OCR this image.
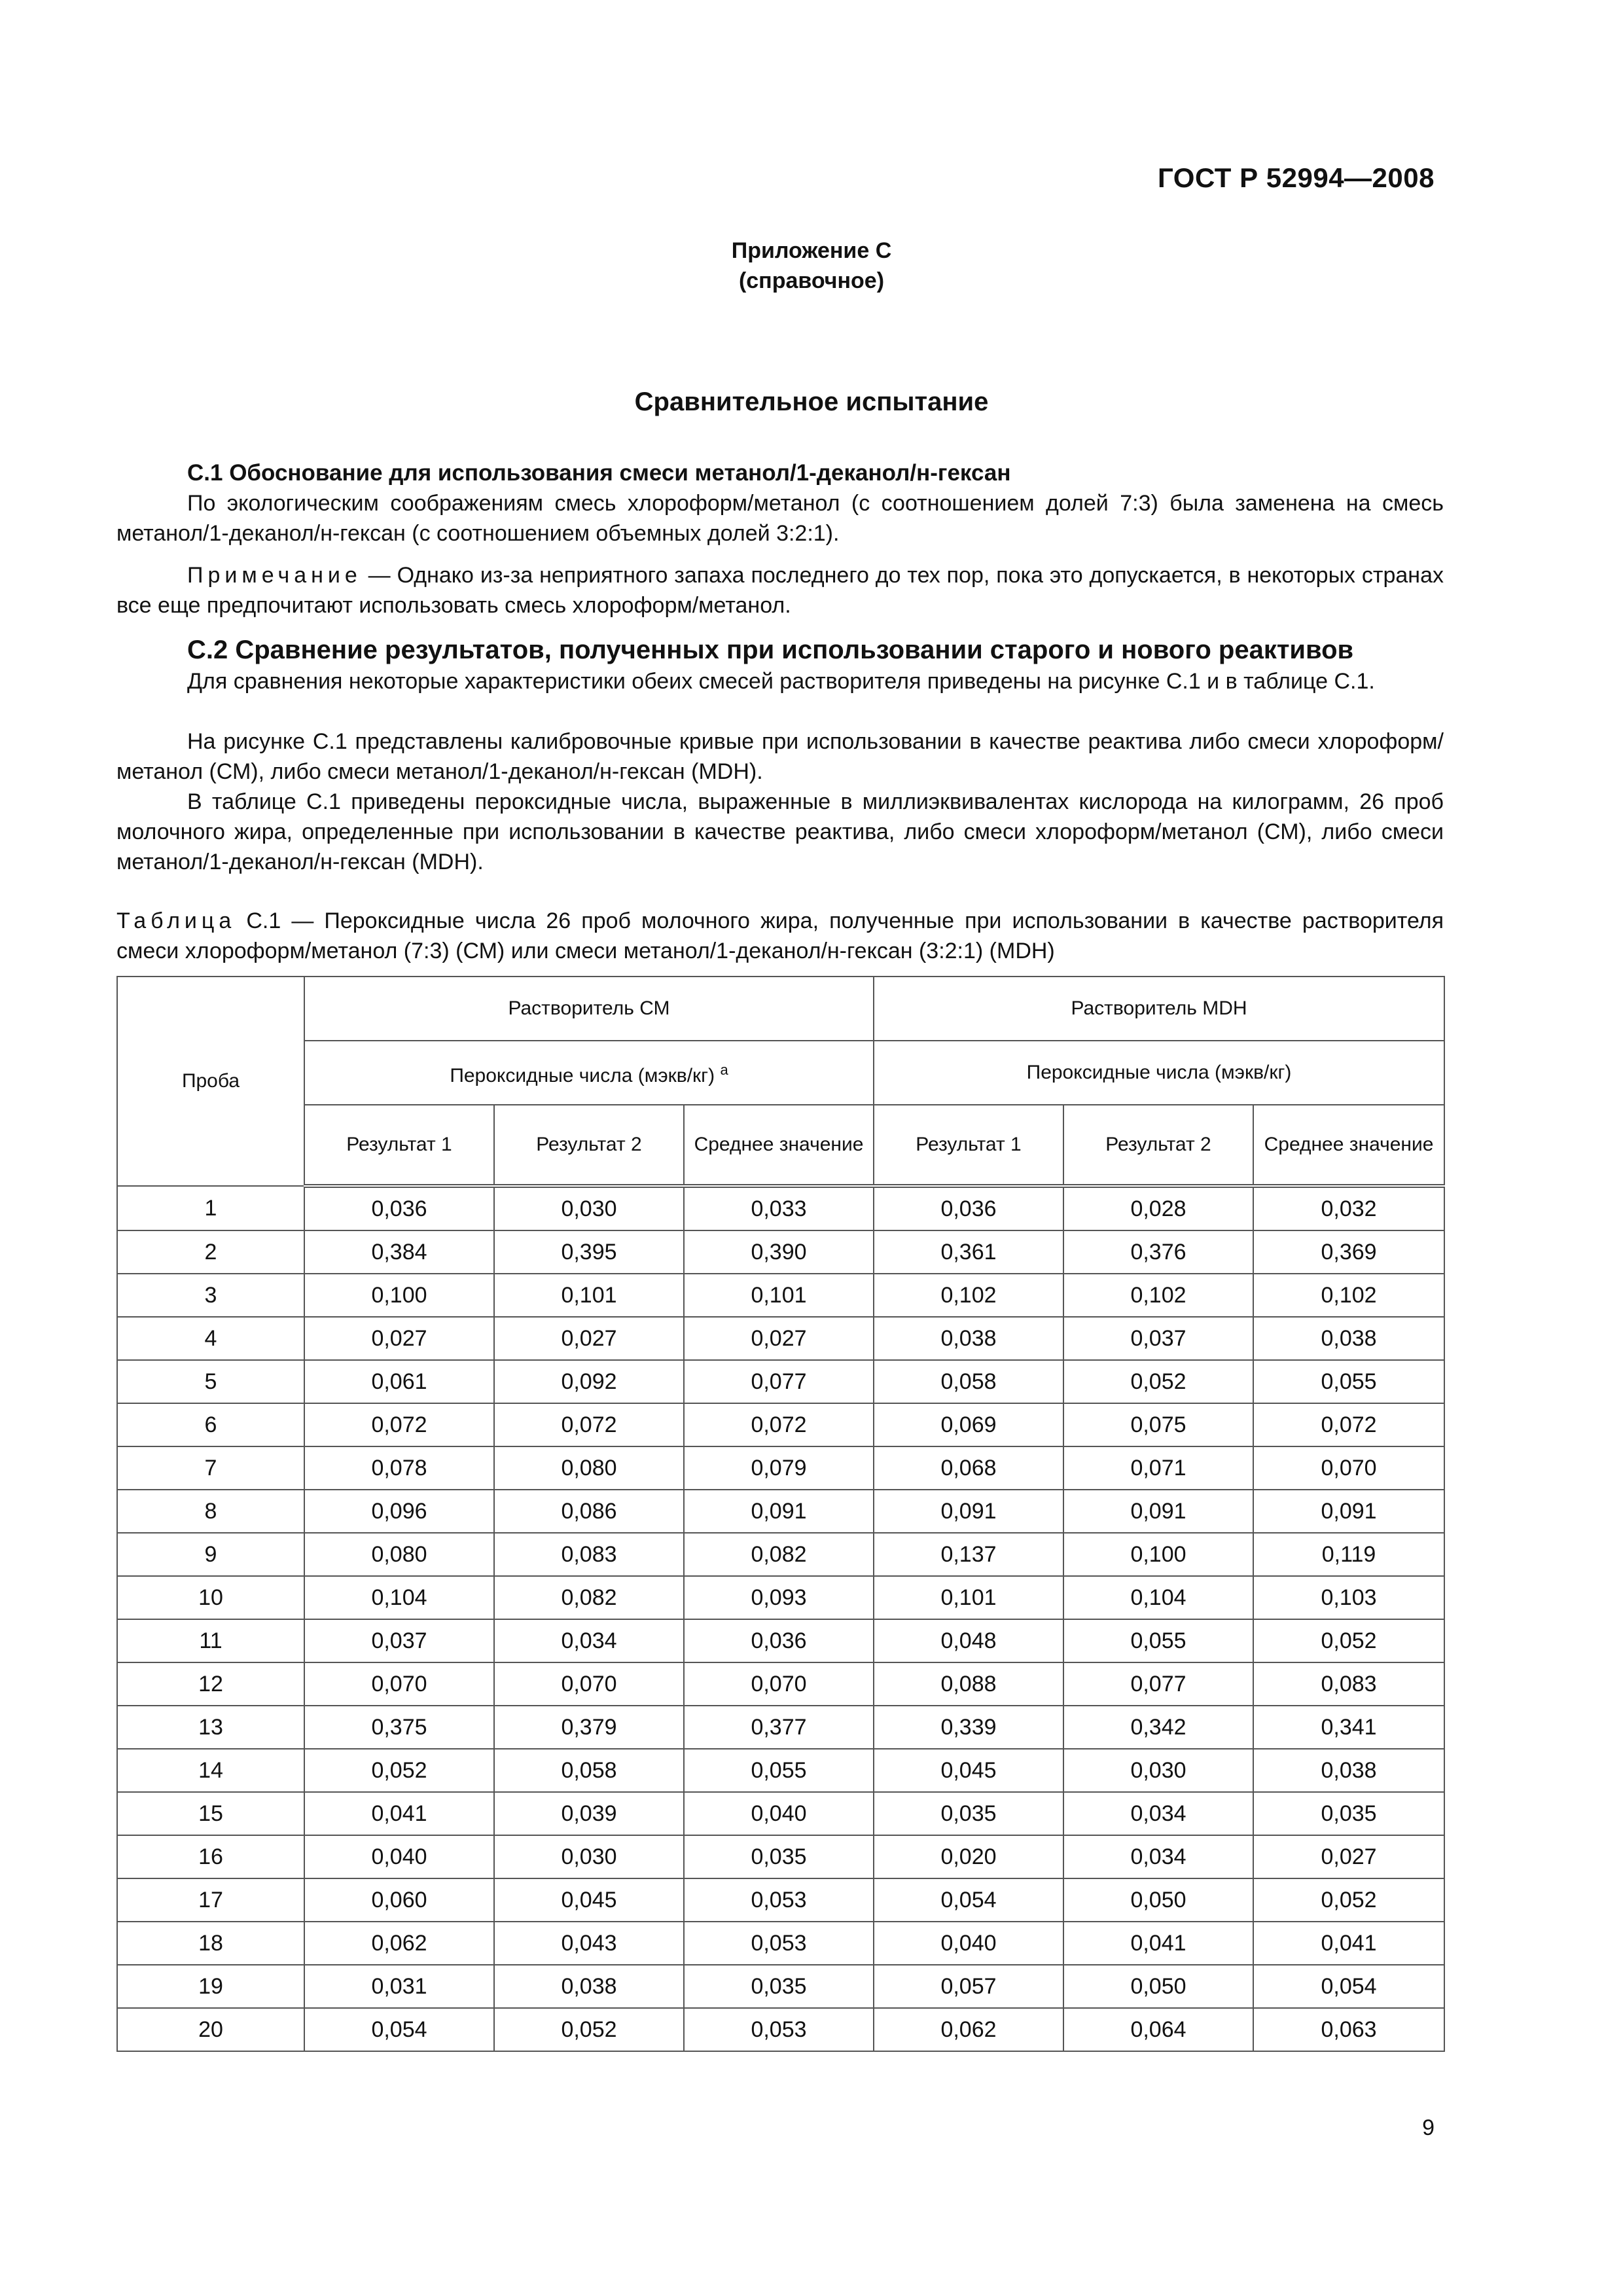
ГОСТ Р 52994—2008
Приложение С
(справочное)
Сравнительное испытание
С.1 Обоснование для использования смеси метанол/1-деканол/н-гексан
По экологическим соображениям смесь хлороформ/метанол (с соотношением долей 7:3) была заменена на смесь метанол/1-деканол/н-гексан (с соотношением объемных долей 3:2:1).
Примечание — Однако из-за неприятного запаха последнего до тех пор, пока это допускается, в некоторых странах все еще предпочитают использовать смесь хлороформ/метанол.
С.2 Сравнение результатов, полученных при использовании старого и нового реактивов
Для сравнения некоторые характеристики обеих смесей растворителя приведены на рисунке С.1 и в таблице С.1.
На рисунке С.1 представлены калибровочные кривые при использовании в качестве реактива либо смеси хлороформ/метанол (СМ), либо смеси метанол/1-деканол/н-гексан (MDH).
В таблице С.1 приведены пероксидные числа, выраженные в миллиэквивалентах кислорода на килограмм, 26 проб молочного жира, определенные при использовании в качестве реактива, либо смеси хлороформ/метанол (СМ), либо смеси метанол/1-деканол/н-гексан (MDH).
Таблица С.1 — Пероксидные числа 26 проб молочного жира, полученные при использовании в качестве растворителя смеси хлороформ/метанол (7:3) (СМ) или смеси метанол/1-деканол/н-гексан (3:2:1) (MDH)
Проба	Растворитель СМ			Растворитель MDH		
	Пероксидные числа (мэкв/кг) $^а$			Пероксидные числа (мэкв/кг)		
	Результат 1	Результат 2	Среднее значение	Результат 1	Результат 2	Среднее значение
1	0,036	0,030	0,033	0,036	0,028	0,032
2	0,384	0,395	0,390	0,361	0,376	0,369
3	0,100	0,101	0,101	0,102	0,102	0,102
4	0,027	0,027	0,027	0,038	0,037	0,038
5	0,061	0,092	0,077	0,058	0,052	0,055
6	0,072	0,072	0,072	0,069	0,075	0,072
7	0,078	0,080	0,079	0,068	0,071	0,070
8	0,096	0,086	0,091	0,091	0,091	0,091
9	0,080	0,083	0,082	0,137	0,100	0,119
10	0,104	0,082	0,093	0,101	0,104	0,103
11	0,037	0,034	0,036	0,048	0,055	0,052
12	0,070	0,070	0,070	0,088	0,077	0,083
13	0,375	0,379	0,377	0,339	0,342	0,341
14	0,052	0,058	0,055	0,045	0,030	0,038
15	0,041	0,039	0,040	0,035	0,034	0,035
16	0,040	0,030	0,035	0,020	0,034	0,027
17	0,060	0,045	0,053	0,054	0,050	0,052
18	0,062	0,043	0,053	0,040	0,041	0,041
19	0,031	0,038	0,035	0,057	0,050	0,054
20	0,054	0,052	0,053	0,062	0,064	0,063
9
